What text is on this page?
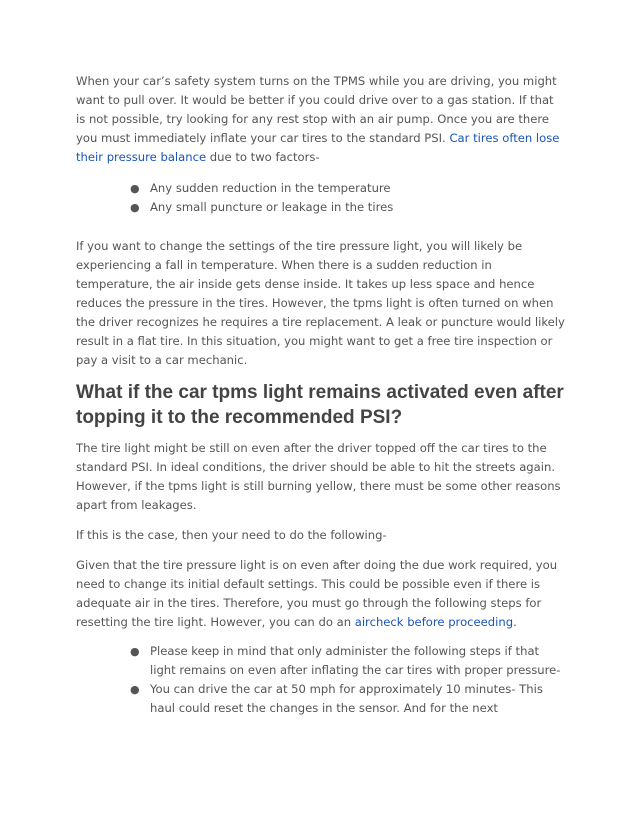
When your car’s safety system turns on the TPMS while you are driving, you might want to pull over. It would be better if you could drive over to a gas station. If that is not possible, try looking for any rest stop with an air pump. Once you are there you must immediately inflate your car tires to the standard PSI. Car tires often lose their pressure balance due to two factors-

● Any sudden reduction in the temperature
● Any small puncture or leakage in the tires

If you want to change the settings of the tire pressure light, you will likely be experiencing a fall in temperature. When there is a sudden reduction in temperature, the air inside gets dense inside. It takes up less space and hence reduces the pressure in the tires. However, the tpms light is often turned on when the driver recognizes he requires a tire replacement. A leak or puncture would likely result in a flat tire. In this situation, you might want to get a free tire inspection or pay a visit to a car mechanic.

What if the car tpms light remains activated even after topping it to the recommended PSI?

The tire light might be still on even after the driver topped off the car tires to the standard PSI. In ideal conditions, the driver should be able to hit the streets again. However, if the tpms light is still burning yellow, there must be some other reasons apart from leakages.

If this is the case, then your need to do the following-

Given that the tire pressure light is on even after doing the due work required, you need to change its initial default settings. This could be possible even if there is adequate air in the tires. Therefore, you must go through the following steps for resetting the tire light. However, you can do an aircheck before proceeding.

● Please keep in mind that only administer the following steps if that light remains on even after inflating the car tires with proper pressure-
● You can drive the car at 50 mph for approximately 10 minutes- This haul could reset the changes in the sensor. And for the next
